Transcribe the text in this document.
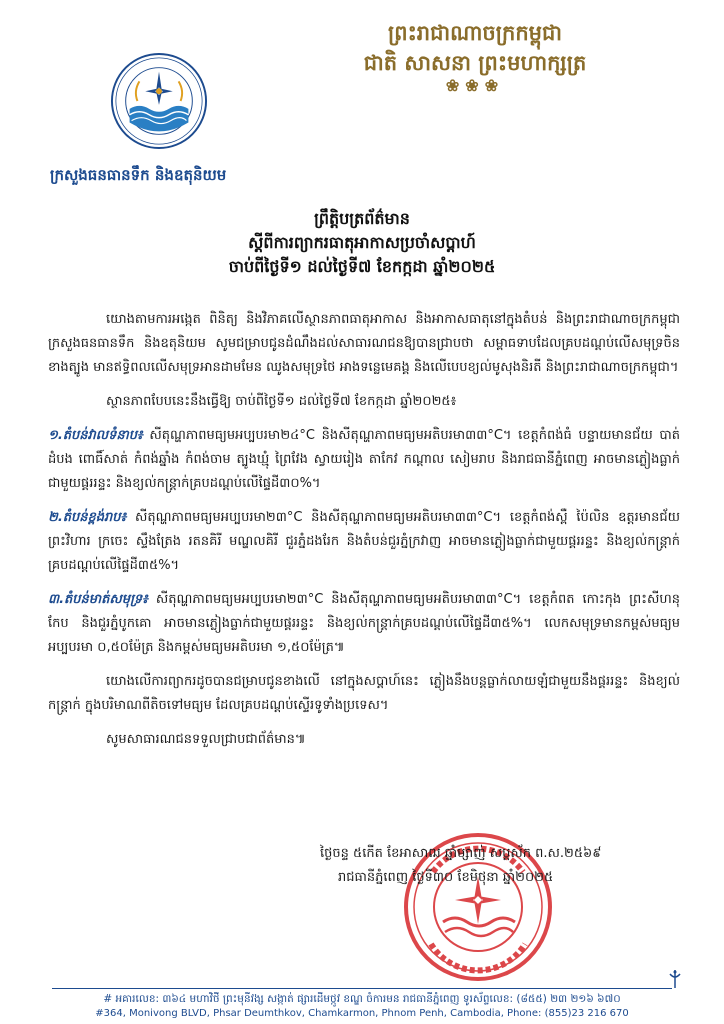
ព្រះរាជាណាចក្រកម្ពុជា
ជាតិ សាសនា ព្រះមហាក្សត្រ
❀❀❀
ក្រសួងធនធានទឹក និងឧតុនិយម
ព្រឹត្តិបត្រព័ត៌មាន
ស្តីពីការព្យាករធាតុអាកាសប្រចាំសប្តាហ៍
ចាប់ពីថ្ងៃទី១ ដល់ថ្ងៃទី៧ ខែកក្កដា ឆ្នាំ២០២៥

យោងតាមការអង្កេត ពិនិត្យ និងវិភាគលើស្ថានភាពធាតុអាកាស និងអាកាសធាតុនៅក្នុងតំបន់ និងព្រះរាជាណាចក្រកម្ពុជា ក្រសួងធនធានទឹក និងឧតុនិយម សូមជម្រាបជូនដំណឹងដល់សាធារណជនឱ្យបានជ្រាបថា សម្ពាធទាបដែលគ្របដណ្តប់លើសមុទ្រចិនខាងត្បូង មានឥទ្ធិពលលើសមុទ្រអានដាមមែន ឈូងសមុទ្រថៃ អាងទន្លេមេគង្គ និងលើបេបខ្យល់មូសុងនិរតី និងព្រះរាជាណាចក្រកម្ពុជា។

ស្ថានភាពបែបនេះនឹងធ្វើឱ្យ ចាប់ពីថ្ងៃទី១ ដល់ថ្ងៃទី៧ ខែកក្កដា ឆ្នាំ២០២៥៖

១.តំបន់វាលទំនាប៖ សីតុណ្ហភាពមធ្យមអប្បបរមា២៤°C និងសីតុណ្ហភាពមធ្យមអតិបរមា៣៣°C។ ខេត្តកំពង់ធំ បន្ទាយមានជ័យ បាត់ដំបង ពោធិ៍សាត់ កំពង់ឆ្នាំង កំពង់ចាម ត្បូងឃ្មុំ ព្រៃវែង ស្វាយរៀង តាកែវ កណ្តាល សៀមរាប និងរាជធានីភ្នំពេញ អាចមានភ្លៀងធ្លាក់ជាមួយផ្គររន្ទះ និងខ្យល់កន្ត្រាក់គ្របដណ្តប់លើផ្ទៃដី៣០%។

២.តំបន់ខ្ពង់រាប៖ សីតុណ្ហភាពមធ្យមអប្បបរមា២៣°C និងសីតុណ្ហភាពមធ្យមអតិបរមា៣៣°C។ ខេត្តកំពង់ស្ពឺ ប៉ៃលិន ឧត្តរមានជ័យ ព្រះវិហារ ក្រចេះ ស្ទឹងត្រែង រតនគិរី មណ្ឌលគិរី ជួរភ្នំដងរែក និងតំបន់ជួរភ្នំក្រវាញ អាចមានភ្លៀងធ្លាក់ជាមួយផ្គររន្ទះ និងខ្យល់កន្ត្រាក់គ្របដណ្តប់លើផ្ទៃដី៣៥%។

៣.តំបន់មាត់សមុទ្រ៖ សីតុណ្ហភាពមធ្យមអប្បបរមា២៣°C និងសីតុណ្ហភាពមធ្យមអតិបរមា៣៣°C។ ខេត្តកំពត កោះកុង ព្រះសីហនុ កែប និងជួរភ្នំបូកគោ អាចមានភ្លៀងធ្លាក់ជាមួយផ្គររន្ទះ និងខ្យល់កន្ត្រាក់គ្របដណ្តប់លើផ្ទៃដី៣៥%។ លេកសមុទ្រមានកម្ពស់មធ្យមអប្បបរមា ០,៥០ម៉ែត្រ និងកម្ពស់មធ្យមអតិបរមា ១,៥០ម៉ែត្រ៕

យោងលើការព្យាករដូចបានជម្រាបជូនខាងលើ នៅក្នុងសប្តាហ៍នេះ ភ្លៀងនឹងបន្តធ្លាក់លាយឡំជាមួយនឹងផ្គររន្ទះ និងខ្យល់កន្ត្រាក់ ក្នុងបរិមាណពីតិចទៅមធ្យម ដែលគ្របដណ្តប់ស្ទើរទូទាំងប្រទេស។

សូមសាធារណជនទទួលជ្រាបជាព័ត៌មាន៕

ថ្ងៃចន្ទ ៥កើត ខែអាសាឍ ឆ្នាំម្សាញ់ សប្តស័ក ព.ស.២៥៦៩
រាជធានីភ្នំពេញ ថ្ងៃទី៣០ ខែមិថុនា ឆ្នាំ២០២៥
# អគារលេខ: ៣៦៤ មហាវិថី ព្រះមុនីវង្ស សង្កាត់ ផ្សារដើមថ្កូវ ខណ្ឌ ចំការមន រាជធានីភ្នំពេញ ទូរស័ព្ទលេខ: (៨៥៥) ២៣ ២១៦ ៦៧០
#364, Monivong BLVD, Phsar Deumthkov, Chamkarmon, Phnom Penh, Cambodia, Phone: (855)23 216 670
